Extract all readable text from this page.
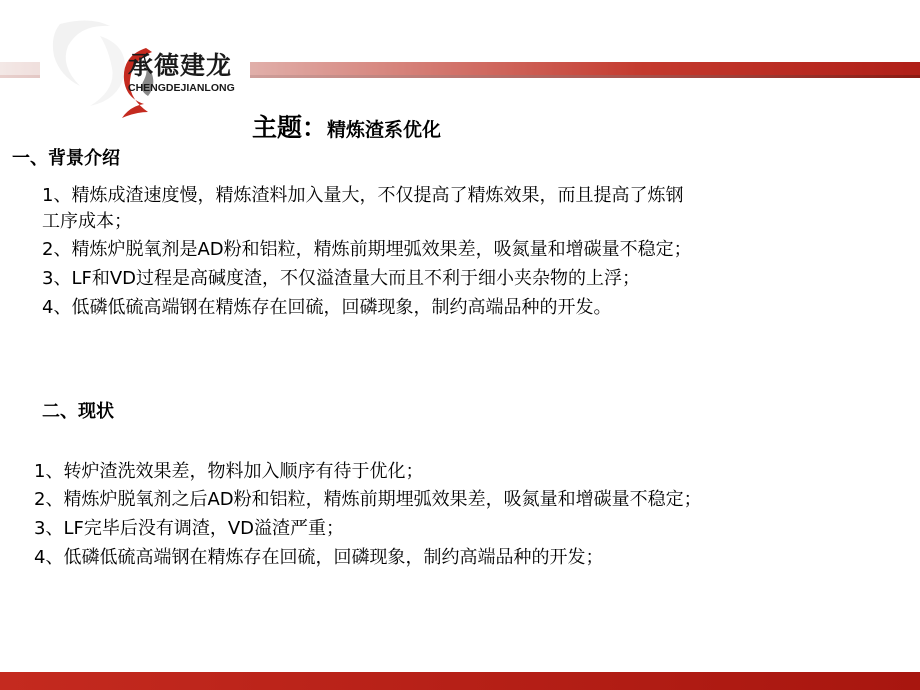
承德建龙
CHENGDEJIANLONG
主题：精炼渣系优化
一、背景介绍
1、精炼成渣速度慢，精炼渣料加入量大，不仅提高了精炼效果，而且提高了炼钢
工序成本；
2、精炼炉脱氧剂是AD粉和铝粒，精炼前期埋弧效果差，吸氮量和增碳量不稳定；
3、LF和VD过程是高碱度渣，不仅溢渣量大而且不利于细小夹杂物的上浮；
4、低磷低硫高端钢在精炼存在回硫，回磷现象，制约高端品种的开发。
二、现状
1、转炉渣洗效果差，物料加入顺序有待于优化；
2、精炼炉脱氧剂之后AD粉和铝粒，精炼前期埋弧效果差，吸氮量和增碳量不稳定；
3、LF完毕后没有调渣，VD溢渣严重；
4、低磷低硫高端钢在精炼存在回硫，回磷现象，制约高端品种的开发；
